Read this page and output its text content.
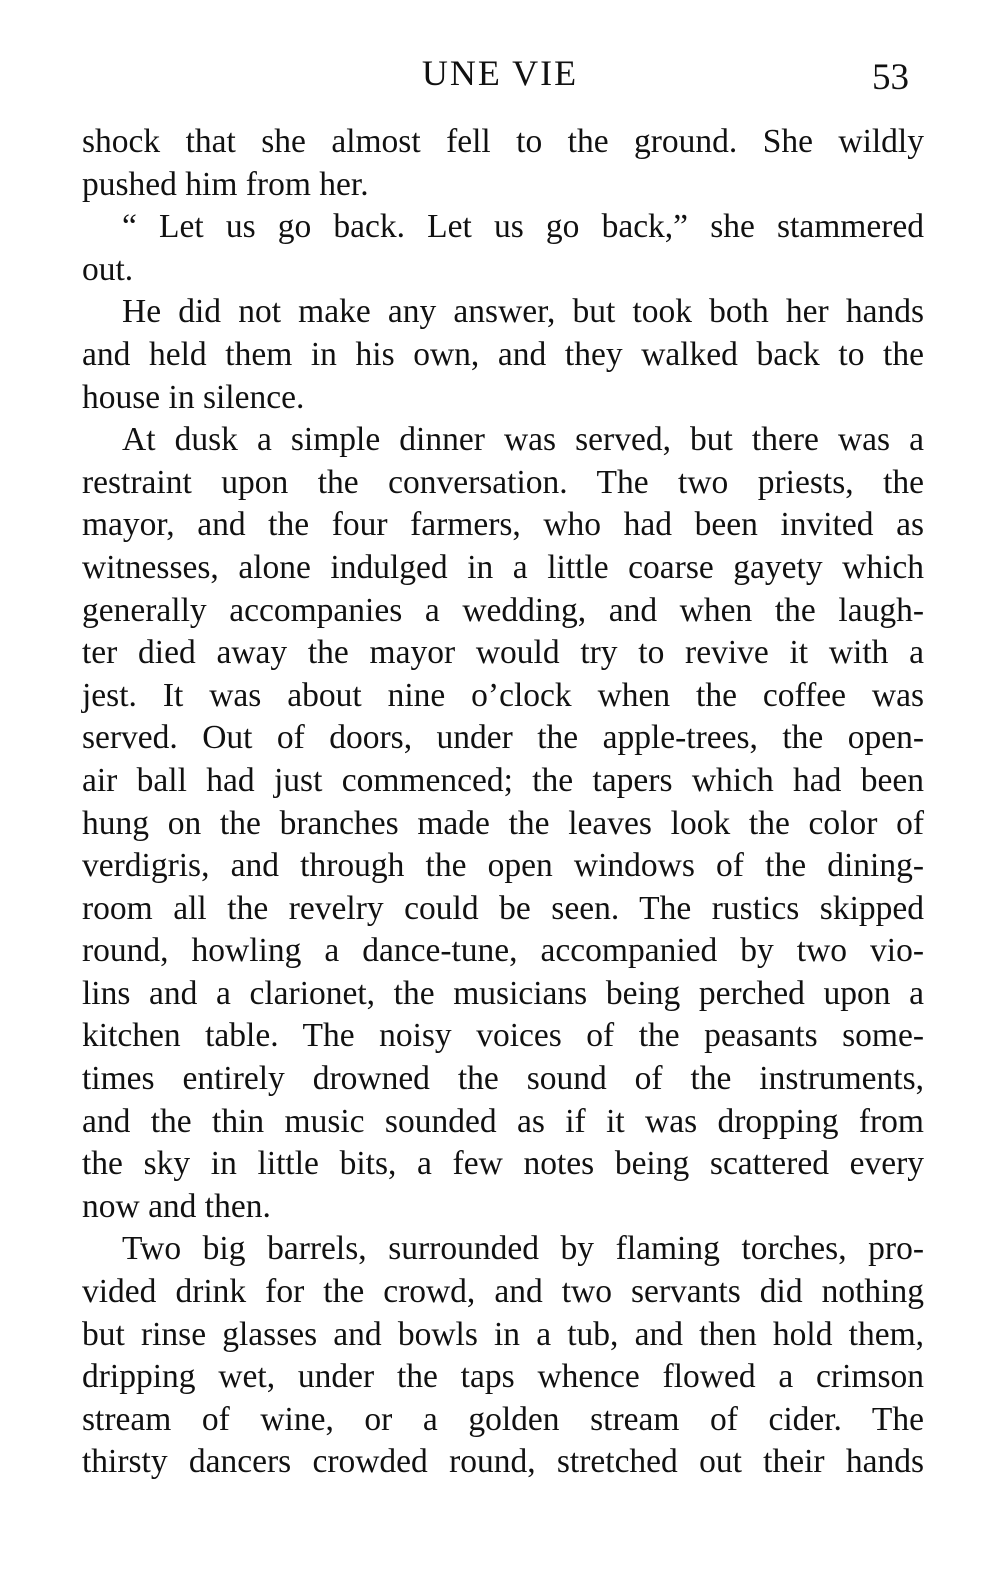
UNE VIE	53
shock that she almost fell to the ground. She wildly
pushed him from her.
“ Let us go back. Let us go back,” she stammered
out.
He did not make any answer, but took both her hands
and held them in his own, and they walked back to the
house in silence.
At dusk a simple dinner was served, but there was a
restraint upon the conversation. The two priests, the
mayor, and the four farmers, who had been invited as
witnesses, alone indulged in a little coarse gayety which
generally accompanies a wedding, and when the laugh-
ter died away the mayor would try to revive it with a
jest. It was about nine o’clock when the coffee was
served. Out of doors, under the apple-trees, the open-
air ball had just commenced; the tapers which had been
hung on the branches made the leaves look the color of
verdigris, and through the open windows of the dining-
room all the revelry could be seen. The rustics skipped
round, howling a dance-tune, accompanied by two vio-
lins and a clarionet, the musicians being perched upon a
kitchen table. The noisy voices of the peasants some-
times entirely drowned the sound of the instruments,
and the thin music sounded as if it was dropping from
the sky in little bits, a few notes being scattered every
now and then.
Two big barrels, surrounded by flaming torches, pro-
vided drink for the crowd, and two servants did nothing
but rinse glasses and bowls in a tub, and then hold them,
dripping wet, under the taps whence flowed a crimson
stream of wine, or a golden stream of cider. The
thirsty dancers crowded round, stretched out their hands
